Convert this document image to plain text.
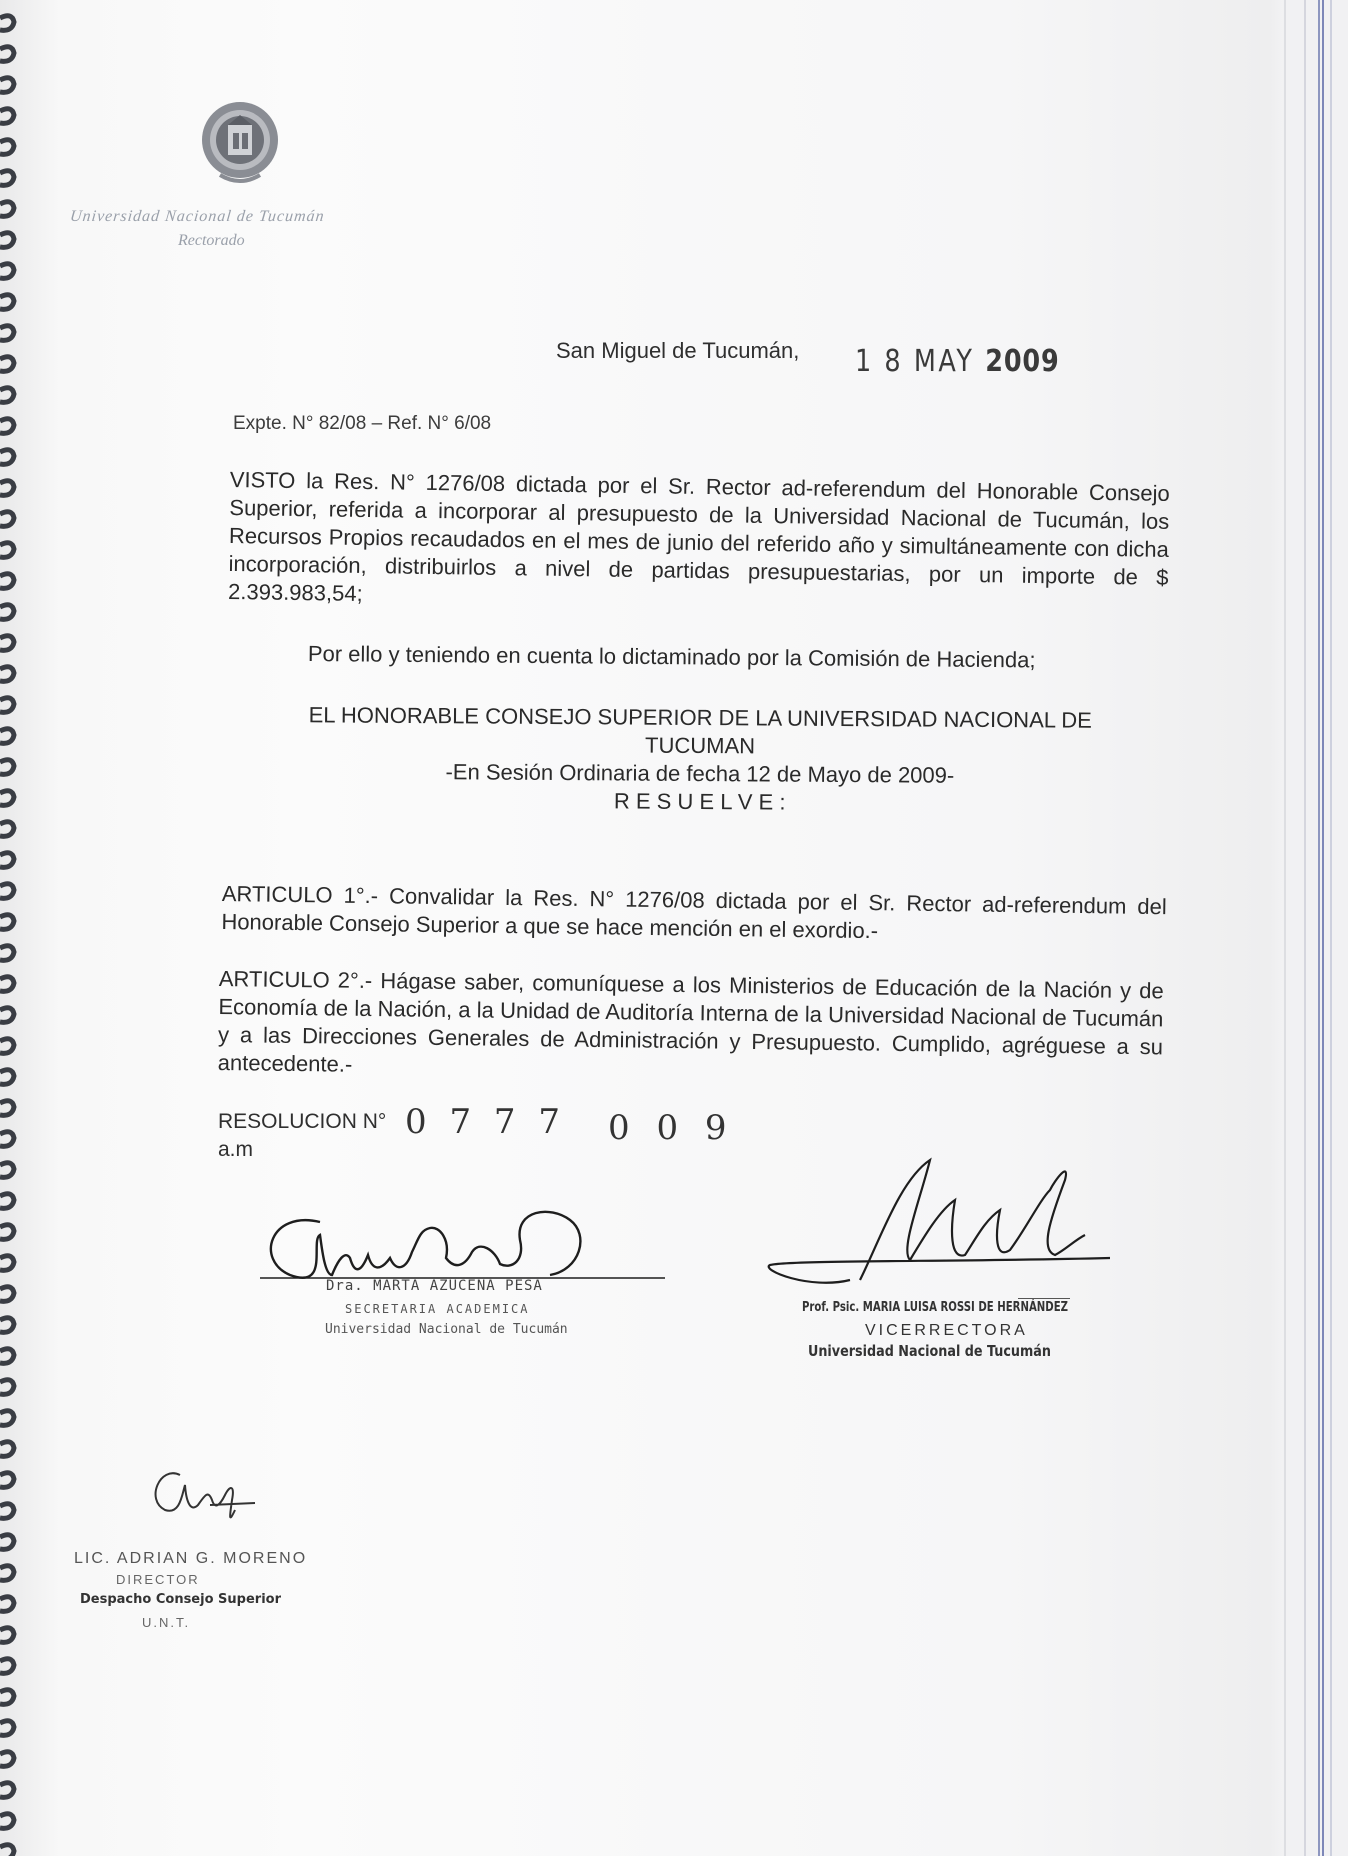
Universidad Nacional de Tucumán
Rectorado
San Miguel de Tucumán, 1 8 MAY 2009
Expte. N° 82/08 – Ref. N° 6/08
VISTO la Res. N° 1276/08 dictada por el Sr. Rector ad-referendum del Honorable Consejo Superior, referida a incorporar al presupuesto de la Universidad Nacional de Tucumán, los Recursos Propios recaudados en el mes de junio del referido año y simultáneamente con dicha incorporación, distribuirlos a nivel de partidas presupuestarias, por un importe de $ 2.393.983,54;
Por ello y teniendo en cuenta lo dictaminado por la Comisión de Hacienda;
EL HONORABLE CONSEJO SUPERIOR DE LA UNIVERSIDAD NACIONAL DE
TUCUMAN
-En Sesión Ordinaria de fecha 12 de Mayo de 2009-
R E S U E L V E :
ARTICULO 1°.- Convalidar la Res. N° 1276/08 dictada por el Sr. Rector ad-referendum del Honorable Consejo Superior a que se hace mención en el exordio.-
ARTICULO 2°.- Hágase saber, comuníquese a los Ministerios de Educación de la Nación y de Economía de la Nación, a la Unidad de Auditoría Interna de la Universidad Nacional de Tucumán y a las Direcciones Generales de Administración y Presupuesto. Cumplido, agréguese a su antecedente.-
RESOLUCION N° 0 7 7 7 0 0 9
a.m
Dra. MARTA AZUCENA PESA
SECRETARIA ACADEMICA
Universidad Nacional de Tucumán
Prof. Psic. MARIA LUISA ROSSI DE HERNÁNDEZ
VICERRECTORA
Universidad Nacional de Tucumán
LIC. ADRIAN G. MORENO
DIRECTOR
Despacho Consejo Superior
U.N.T.
